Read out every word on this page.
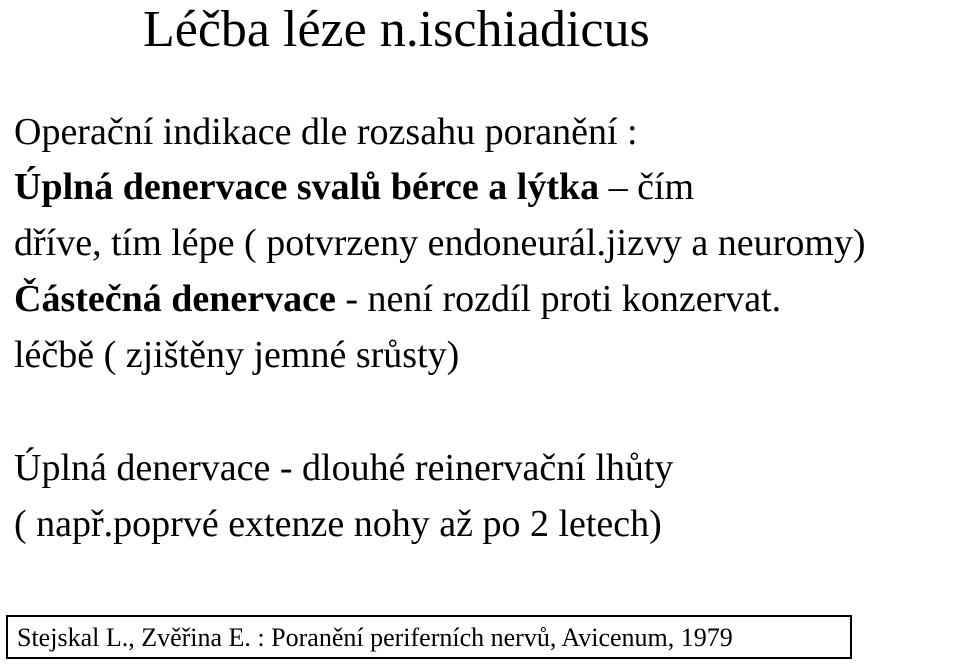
Léčba léze n.ischiadicus
Operační indikace dle rozsahu poranění :
Úplná denervace svalů bérce a lýtka – čím
dříve, tím lépe ( potvrzeny endoneurál.jizvy a neuromy)
Částečná denervace - není rozdíl proti konzervat.
léčbě ( zjištěny jemné srůsty)
Úplná denervace - dlouhé reinervační lhůty
( např.poprvé extenze nohy až po 2 letech)
Stejskal L., Zvěřina E. : Poranění periferních nervů, Avicenum, 1979
